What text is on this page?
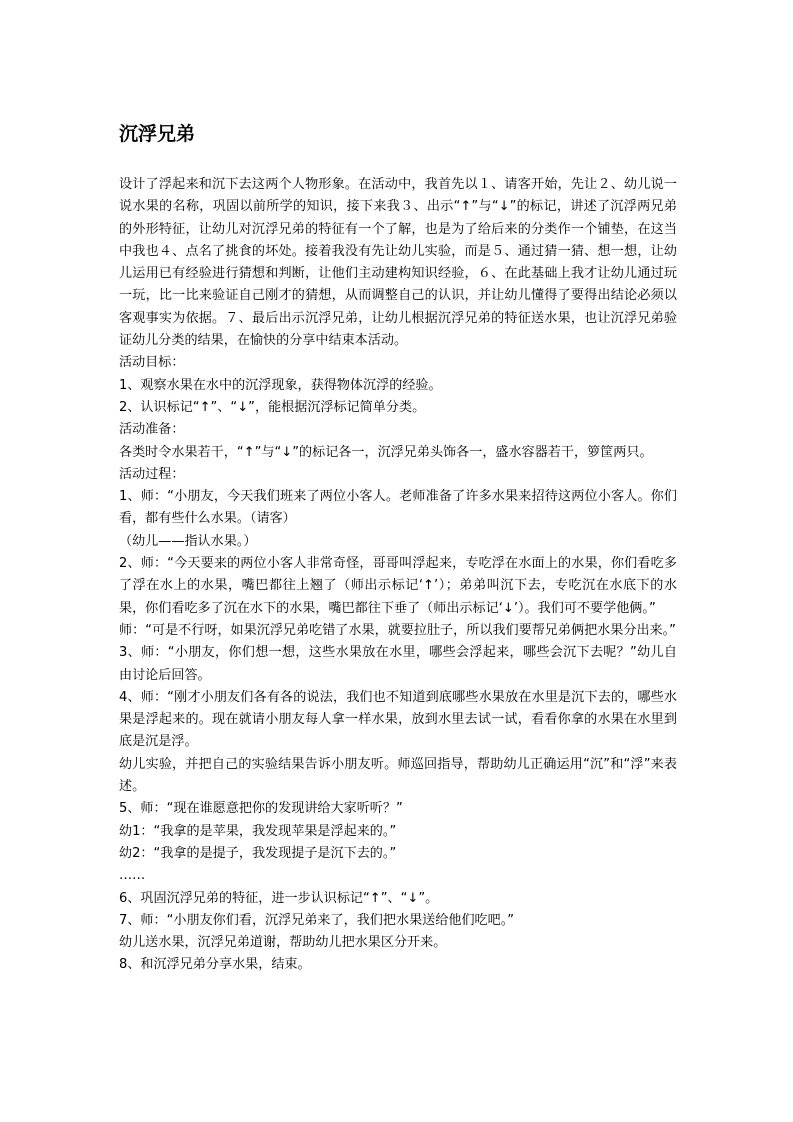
沉浮兄弟

设计了浮起来和沉下去这两个人物形象。在活动中，我首先以１、请客开始，先让２、幼儿说一说水果的名称，巩固以前所学的知识，接下来我３、出示“↑”与“↓”的标记，讲述了沉浮两兄弟的外形特征，让幼儿对沉浮兄弟的特征有一个了解，也是为了给后来的分类作一个铺垫，在这当中我也４、点名了挑食的坏处。接着我没有先让幼儿实验，而是５、通过猜一猜、想一想，让幼儿运用已有经验进行猜想和判断，让他们主动建构知识经验，６、在此基础上我才让幼儿通过玩一玩，比一比来验证自己刚才的猜想，从而调整自己的认识，并让幼儿懂得了要得出结论必须以客观事实为依据。７、最后出示沉浮兄弟，让幼儿根据沉浮兄弟的特征送水果，也让沉浮兄弟验证幼儿分类的结果，在愉快的分享中结束本活动。

活动目标：

1、观察水果在水中的沉浮现象，获得物体沉浮的经验。

2、认识标记“↑”、“↓”，能根据沉浮标记简单分类。

活动准备：

各类时令水果若干，“↑”与“↓”的标记各一，沉浮兄弟头饰各一，盛水容器若干，箩筐两只。

活动过程：

1、师：“小朋友，今天我们班来了两位小客人。老师准备了许多水果来招待这两位小客人。你们看，都有些什么水果。（请客）

（幼儿——指认水果。）

2、师：“今天要来的两位小客人非常奇怪，哥哥叫浮起来，专吃浮在水面上的水果，你们看吃多了浮在水上的水果，嘴巴都往上翘了（师出示标记‘↑’）；弟弟叫沉下去，专吃沉在水底下的水果，你们看吃多了沉在水下的水果，嘴巴都往下垂了（师出示标记‘↓’）。我们可不要学他俩。”

师：“可是不行呀，如果沉浮兄弟吃错了水果，就要拉肚子，所以我们要帮兄弟俩把水果分出来。”

3、师：“小朋友，你们想一想，这些水果放在水里，哪些会浮起来，哪些会沉下去呢？”幼儿自由讨论后回答。

4、师：“刚才小朋友们各有各的说法，我们也不知道到底哪些水果放在水里是沉下去的，哪些水果是浮起来的。现在就请小朋友每人拿一样水果，放到水里去试一试，看看你拿的水果在水里到底是沉是浮。

幼儿实验，并把自己的实验结果告诉小朋友听。师巡回指导，帮助幼儿正确运用“沉”和“浮”来表述。

5、师：“现在谁愿意把你的发现讲给大家听听？”

幼1：“我拿的是苹果，我发现苹果是浮起来的。”

幼2：“我拿的是提子，我发现提子是沉下去的。”

……

6、巩固沉浮兄弟的特征，进一步认识标记“↑”、“↓”。

7、师：“小朋友你们看，沉浮兄弟来了，我们把水果送给他们吃吧。”

幼儿送水果，沉浮兄弟道谢，帮助幼儿把水果区分开来。

8、和沉浮兄弟分享水果，结束。
